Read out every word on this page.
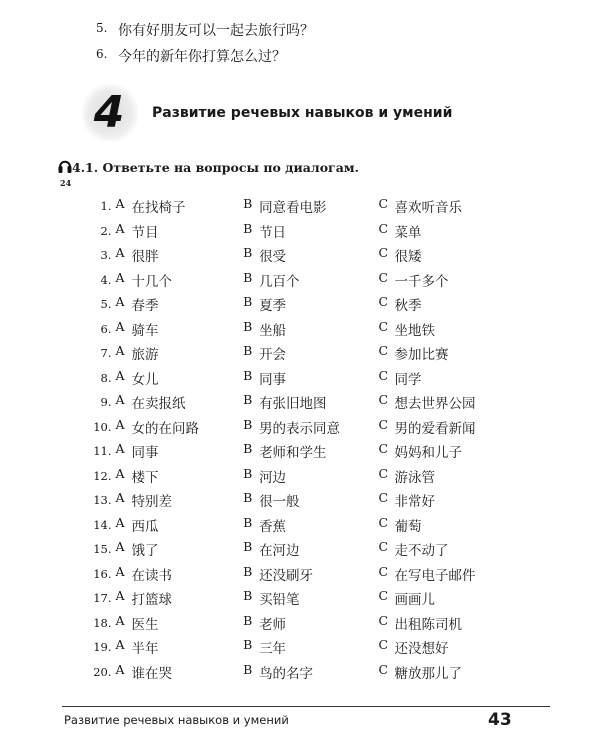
5. 你有好朋友可以一起去旅行吗？
6. 今年的新年你打算怎么过？
4	Развитие речевых навыков и умений
24
4.1. Ответьте на вопросы по диалогам.
1. A 在找椅子	B 同意看电影	C 喜欢听音乐
2. A 节目	B 节日	C 菜单
3. A 很胖	B 很受	C 很矮
4. A 十几个	B 几百个	C 一千多个
5. A 春季	B 夏季	C 秋季
6. A 骑车	B 坐船	C 坐地铁
7. A 旅游	B 开会	C 参加比赛
8. A 女儿	B 同事	C 同学
9. A 在卖报纸	B 有张旧地图	C 想去世界公园
10. A 女的在问路	B 男的表示同意	C 男的爱看新闻
11. A 同事	B 老师和学生	C 妈妈和儿子
12. A 楼下	B 河边	C 游泳管
13. A 特别差	B 很一般	C 非常好
14. A 西瓜	B 香蕉	C 葡萄
15. A 饿了	B 在河边	C 走不动了
16. A 在读书	B 还没刷牙	C 在写电子邮件
17. A 打篮球	B 买铅笔	C 画画儿
18. A 医生	B 老师	C 出租陈司机
19. A 半年	B 三年	C 还没想好
20. A 谁在哭	B 鸟的名字	C 糖放那儿了
Развитие речевых навыков и умений	43
